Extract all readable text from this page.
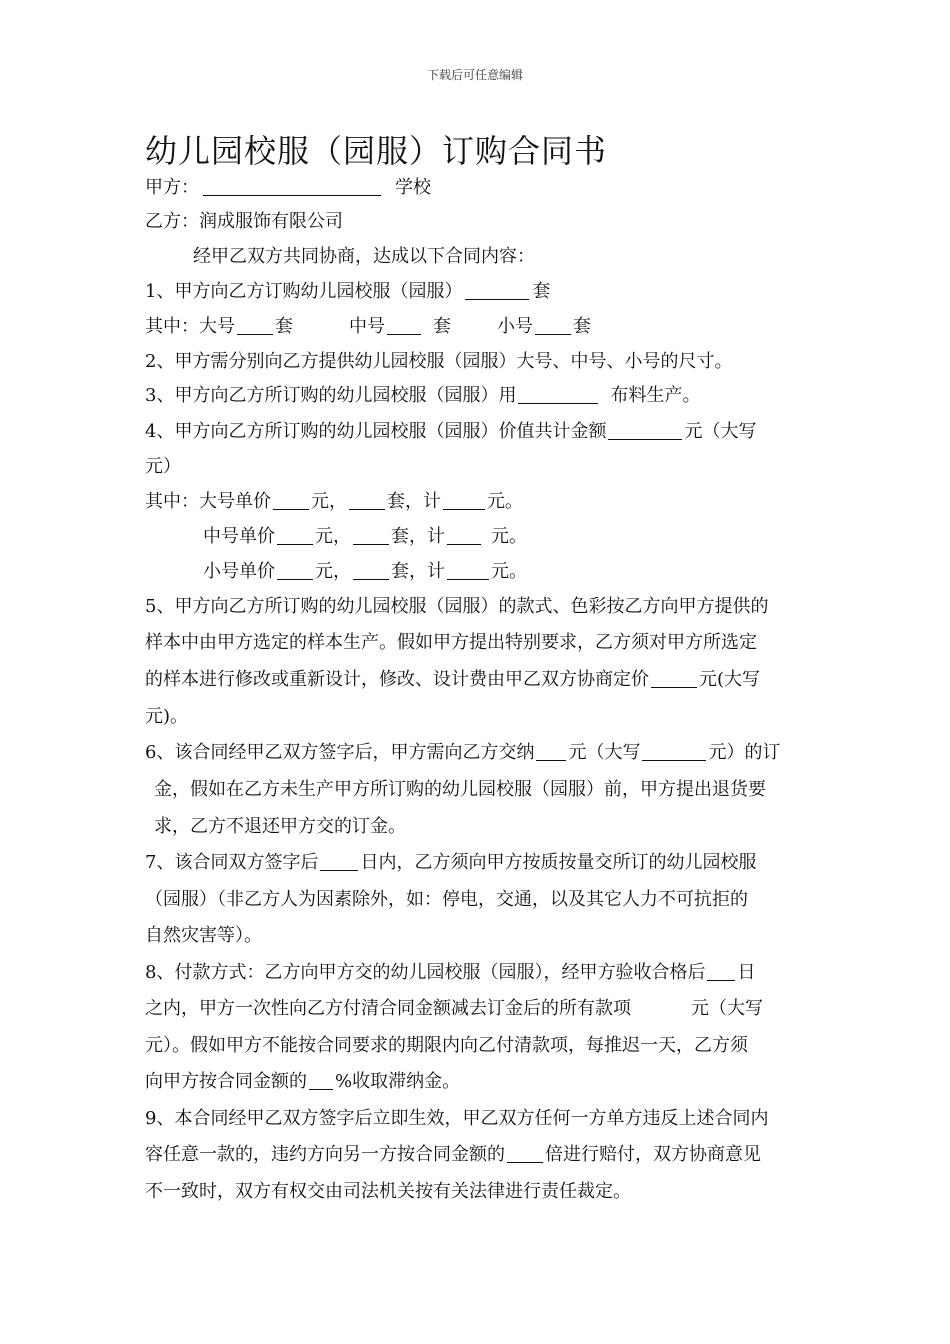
下载后可任意编辑
幼儿园校服（园服）订购合同书
甲方：	学校
乙方：润成服饰有限公司
经甲乙双方共同协商，达成以下合同内容：
1、甲方向乙方订购幼儿园校服（园服）	套
其中：大号 套	中号	套	小号 套
2、甲方需分别向乙方提供幼儿园校服（园服）大号、中号、小号的尺寸。
3、甲方向乙方所订购的幼儿园校服（园服）用	布料生产。
4、甲方向乙方所订购的幼儿园校服（园服）价值共计金额	元（大写
元）
其中：大号单价 元， 套，计	元。
中号单价 元， 套，计	元。
小号单价 元， 套，计	元。
5、甲方向乙方所订购的幼儿园校服（园服）的款式、色彩按乙方向甲方提供的
样本中由甲方选定的样本生产。假如甲方提出特别要求，乙方须对甲方所选定
的样本进行修改或重新设计，修改、设计费由甲乙双方协商定价	元(大写
元)。
6、该合同经甲乙双方签字后，甲方需向乙方交纳 元（大写	元）的订
金，假如在乙方未生产甲方所订购的幼儿园校服（园服）前，甲方提出退货要
求，乙方不退还甲方交的订金。
7、该合同双方签字后 日内，乙方须向甲方按质按量交所订的幼儿园校服
（园服）（非乙方人为因素除外，如：停电，交通，以及其它人力不可抗拒的
自然灾害等）。
8、付款方式：乙方向甲方交的幼儿园校服（园服），经甲方验收合格后 日
之内，甲方一次性向乙方付清合同金额减去订金后的所有款项	元（大写
元）。假如甲方不能按合同要求的期限内向乙付清款项，每推迟一天，乙方须
向甲方按合同金额的 %收取滞纳金。
9、本合同经甲乙双方签字后立即生效，甲乙双方任何一方单方违反上述合同内
容任意一款的，违约方向另一方按合同金额的 倍进行赔付，双方协商意见
不一致时，双方有权交由司法机关按有关法律进行责任裁定。
